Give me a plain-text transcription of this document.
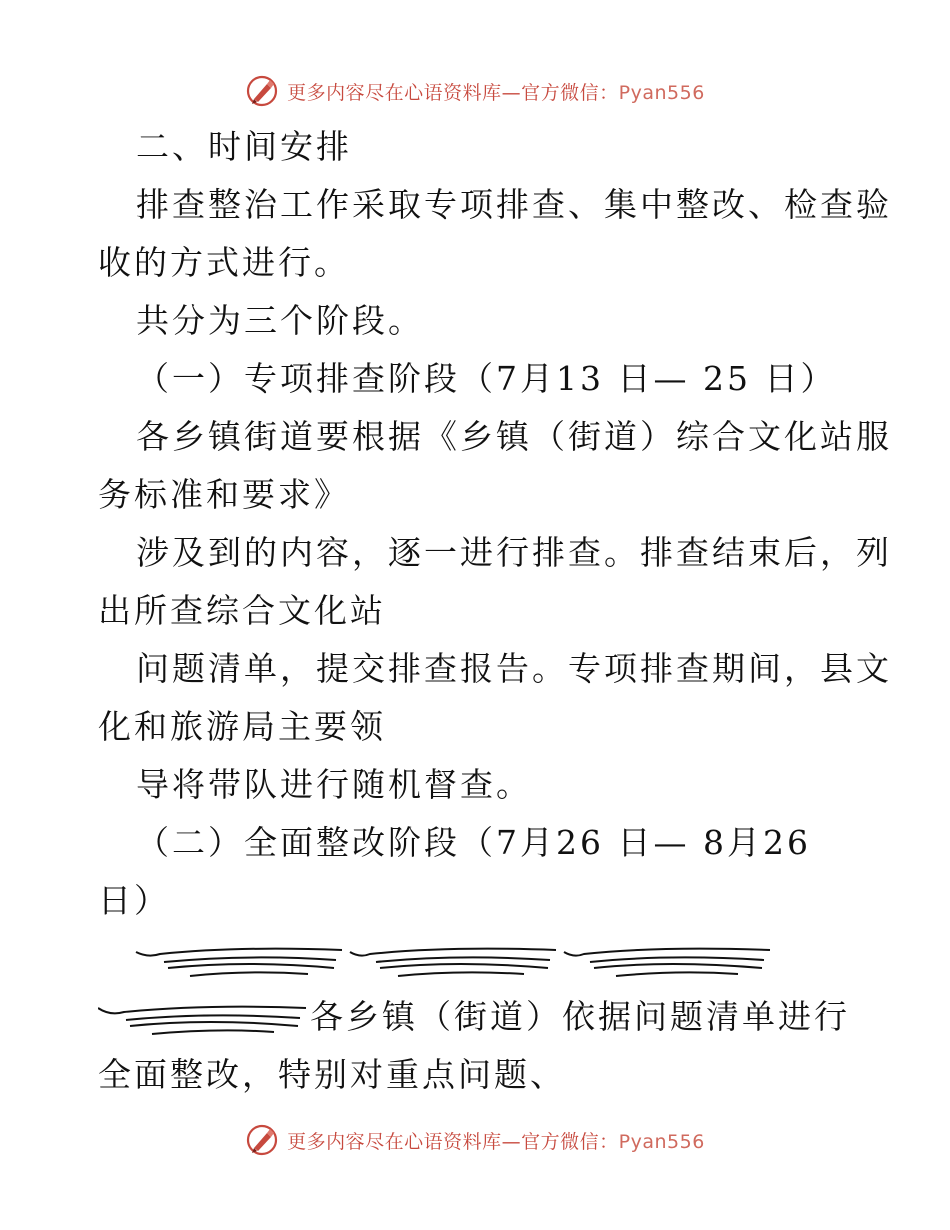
更多内容尽在心语资料库—官方微信：Pyan556
二、时间安排
排查整治工作采取专项排查、集中整改、检查验
收的方式进行。
共分为三个阶段。
（一）专项排查阶段（7月13 日— 25 日）
各乡镇街道要根据《乡镇（街道）综合文化站服
务标准和要求》
涉及到的内容，逐一进行排查。排查结束后，列
出所查综合文化站
问题清单，提交排查报告。专项排查期间，县文
化和旅游局主要领
导将带队进行随机督查。
（二）全面整改阶段（7月26 日— 8月26
日）
各乡镇（街道）依据问题清单进行
全面整改，特别对重点问题、
更多内容尽在心语资料库—官方微信：Pyan556
